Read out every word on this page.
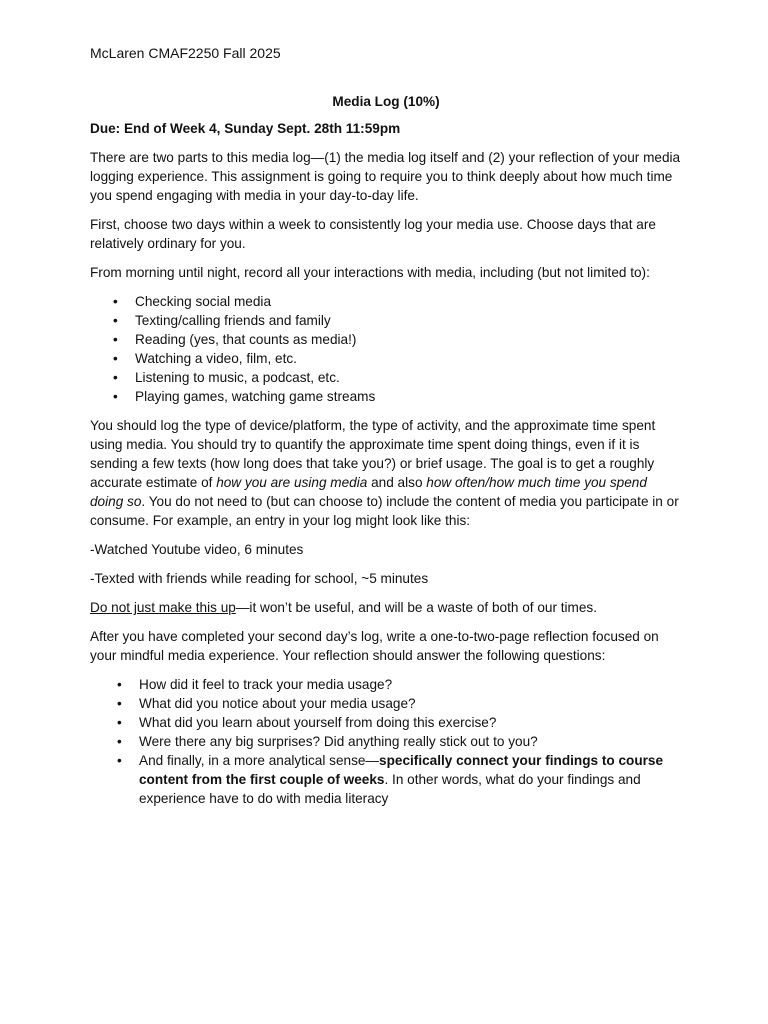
McLaren CMAF2250 Fall 2025
Media Log (10%)
Due: End of Week 4, Sunday Sept. 28th 11:59pm

There are two parts to this media log—(1) the media log itself and (2) your reflection of your media logging experience. This assignment is going to require you to think deeply about how much time you spend engaging with media in your day-to-day life.

First, choose two days within a week to consistently log your media use. Choose days that are relatively ordinary for you.

From morning until night, record all your interactions with media, including (but not limited to):

• Checking social media
• Texting/calling friends and family
• Reading (yes, that counts as media!)
• Watching a video, film, etc.
• Listening to music, a podcast, etc.
• Playing games, watching game streams

You should log the type of device/platform, the type of activity, and the approximate time spent using media. You should try to quantify the approximate time spent doing things, even if it is sending a few texts (how long does that take you?) or brief usage. The goal is to get a roughly accurate estimate of how you are using media and also how often/how much time you spend doing so. You do not need to (but can choose to) include the content of media you participate in or consume. For example, an entry in your log might look like this:

-Watched Youtube video, 6 minutes

-Texted with friends while reading for school, ~5 minutes

Do not just make this up—it won’t be useful, and will be a waste of both of our times.

After you have completed your second day’s log, write a one-to-two-page reflection focused on your mindful media experience. Your reflection should answer the following questions:

• How did it feel to track your media usage?
• What did you notice about your media usage?
• What did you learn about yourself from doing this exercise?
• Were there any big surprises? Did anything really stick out to you?
• And finally, in a more analytical sense—specifically connect your findings to course content from the first couple of weeks. In other words, what do your findings and experience have to do with media literacy
